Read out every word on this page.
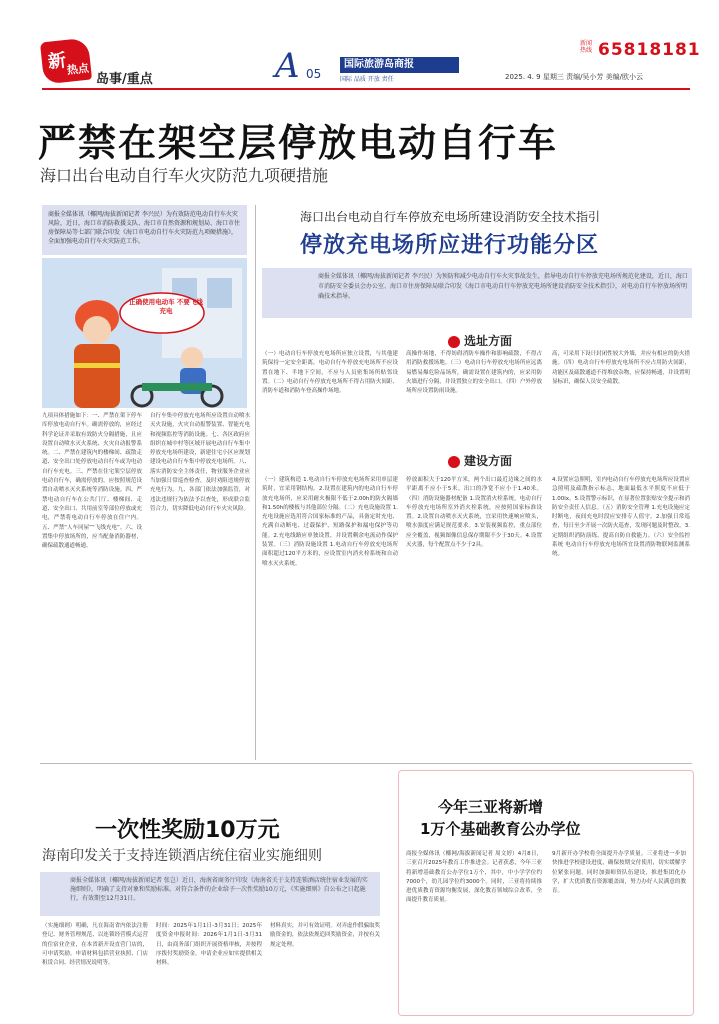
新 热点
岛事/重点	A 05
国际旅游岛商报
国际 品质 开放 责任
新闻热线 65818181
2025. 4. 9 星期三 责编/吴小芳 美编/欧小云
严禁在架空层停放电动自行车
海口出台电动自行车火灾防范九项硬措施
商报全媒体讯（椰网/海拔新闻记者 李兴民）为有效防范电动自行车火灾风险，近日，海口市消防救援支队、海口市自然资源和规划局、海口市住房保障局等七部门联合印发《海口市电动自行车火灾防范九项硬措施》，全面加强电动自行车火灾防范工作。
正确使用电动车 不要飞线充电
九项具体措施如下：一、严禁在架下停车库停放电动自行车。确需停放的，应经过科学论证并采取有效防火分隔措施，且应设置自动喷水灭火系统、火灾自动报警系统。二、严禁在建筑内的楼梯间、疏散走道、安全出口处停放电动自行车或为电动自行车充电。三、严禁在住宅架空层停放电动自行车，确需停放的，应按照规范设置自动喷水灭火系统等消防设施。四、严禁电动自行车在公共门厅、楼梯间、走道、安全出口、共用前室等部位停放或充电，严禁将电动自行车停放在住户内。五、严禁“人车同屋”“飞线充电”。六、设置集中停放场所的，应当配备消防器材，确保疏散通道畅通。
自行车集中停放充电场所应设置自动喷水灭火设施，火灾自动报警装置、智能充电和视频监控等消防设施。七、各区政府应组织在城中村等区域开展电动自行车集中停放充电场所建设，新建住宅小区应规划建设电动自行车集中停放充电场所。八、落实消防安全主体责任，物业服务企业应当加强日常巡查检查，及时劝阻违规停放充电行为。九、各部门依法加强监管，对违法违规行为依法予以查处，形成联合监管合力，切实降低电动自行车火灾风险。
海口出台电动自行车停放充电场所建设消防安全技术指引
停放充电场所应进行功能分区
商报全媒体讯（椰网/海拔新闻记者 李兴民）为预防和减少电动自行车火灾事故发生，指导电动自行车停放充电场所规范化建设，近日，海口市消防安全委员会办公室、海口市住房保障局联合印发《海口市电动自行车停放充电场所建设消防安全技术指引》，对电动自行车停放场所明确技术指导。
选址方面
（一）电动自行车停放充电场所应独立设置，与其他建筑保持一定安全距离，电动自行车停放充电场所不应设置在地下、半地下空间，不应与人员密集场所贴邻设置。（二）电动自行车停放充电场所不得占用防火间距、消防车道和消防车登高操作场地。
高操作场地，不得妨碍消防车操作和影响疏散，不得占用消防救援场地。（三）电动自行车停放充电场所应远离易燃易爆危险品场所，确需设置在建筑内的，应采用防火墙进行分隔，并设置独立的安全出口。（四）户外停放场所应设置防雨设施。
高，可采用下设计封闭性较大外墙，并应有相应的防火措施。（四）电动自行车停放充电场所不应占用防火间距，功能区及疏散通道不得堆放杂物，应保持畅通，并设置明显标识，确保人员安全疏散。
建设方面
（一）建筑构造 1.电动自行车停放充电场所采用单层建筑时，宜采用钢结构。2.设置在建筑内的电动自行车停放充电场所，应采用耐火极限不低于2.00h的防火隔墙和1.50h的楼板与其他部位分隔。（二）充电设施设置 1.充电设施应选用符合国家标准的产品，具备定时充电、充满自动断电、过载保护、短路保护和漏电保护等功能。2.充电线路应单独设置，并设置剩余电流动作保护装置。（三）消防设施设置 1.电动自行车停放充电场所面积超过120平方米的，应设置室内消火栓系统和自动喷水灭火系统。
停放面积大于120平方米，两个出口最近边缘之间的水平距离不应小于5米。出口的净宽不应小于1.40米。（四）消防设施器材配备 1.设置消火栓系统，电动自行车停放充电场所室外消火栓系统，应按照国家标准设置。2.设置自动喷水灭火系统，宜采用快速响应喷头，喷水强度应满足规范要求。3.安装视频监控，重点部位应全覆盖，视频图像信息保存期限不少于30天。4.设置灭火器，每个配置点不少于2具。
4.设置应急照明，室内电动自行车停放充电场所应设置应急照明及疏散指示标志，地面最低水平照度不应低于1.00lx。5.设置警示标识，在显著位置张贴安全提示和消防安全责任人信息。（五）消防安全管理 1.充电设施应定时断电，夜间充电时段应安排专人值守。2.加强日常巡查，每日至少开展一次防火巡查，发现问题及时整改。3.定期组织消防演练，提高自防自救能力。（六）安全监控系统 电动自行车停放充电场所宜设置消防物联网监测系统。
一次性奖励10万元
海南印发关于支持连锁酒店统住宿业实施细则
商报全媒体讯（椰网/海拔新闻记者 张岂）近日，海南省商务厅印发《海南省关于支持连锁酒店统住宿业发展的实施细则》，明确了支持对象和奖励标准。对符合条件的企业给予一次性奖励10万元，《实施细则》自公布之日起施行，有效期至12月31日。
（实施细则）明确，凡在海南省内依法注册登记、财务管理规范、以连锁经营模式运营的住宿业企业，在本省新开设直营门店的，可申请奖励。申请材料包括营业执照、门店租赁合同、经营情况说明等。
时间：2025年1月1日-3月31日；2025年度资金申报时间：2026年1月1日-3月31日，由商务部门组织开展资格审核，并按程序拨付奖励资金。申请企业应如实提供相关材料。
材料真实，并可有效证明。对弄虚作假骗取奖励资金的，依法依规追回奖励资金，并按有关规定处理。
今年三亚将新增
1万个基础教育公办学位
商报全媒体讯（椰网/海拔新闻记者 周文婷）4月8日，三亚召开2025年教育工作推进会。记者获悉，今年三亚将新增基础教育公办学位1万个，其中，中小学学位约7000个，幼儿园学位约3000个。同时，三亚将持续推进优质教育资源均衡发展，深化教育领域综合改革，全面提升教育质量。
9月新开办学校将全面提升办学质量。三亚将进一步加快推进学校建设进度，确保按期交付使用，切实缓解学位紧张问题。同时加强师资队伍建设，推进集团化办学，扩大优质教育资源覆盖面，努力办好人民满意的教育。
